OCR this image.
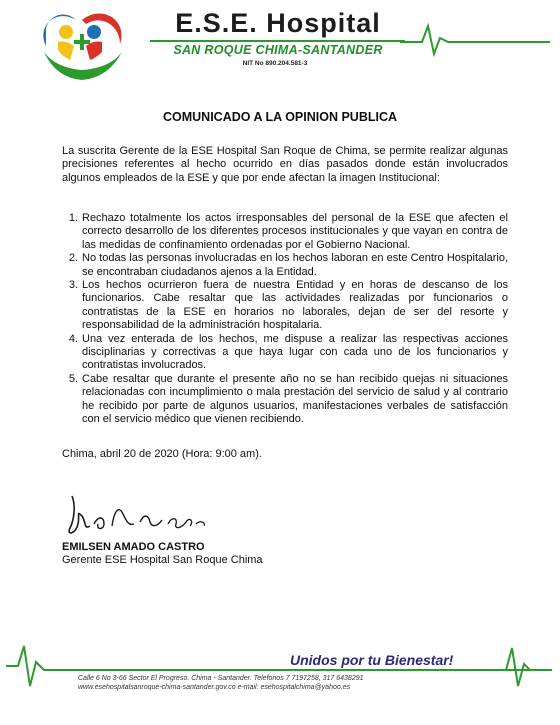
E.S.E. Hospital
SAN ROQUE CHIMA-SANTANDER
NIT No 890.204.581-3
COMUNICADO A LA OPINION PUBLICA
La suscrita Gerente de la ESE Hospital San Roque de Chima, se permite realizar algunas precisiones referentes al hecho ocurrido en días pasados donde están involucrados algunos empleados de la ESE y que por ende afectan la imagen Institucional:
1. Rechazo totalmente los actos irresponsables del personal de la ESE que afecten el correcto desarrollo de los diferentes procesos institucionales y que vayan en contra de las medidas de confinamiento ordenadas por el Gobierno Nacional.
2. No todas las personas involucradas en los hechos laboran en este Centro Hospitalario, se encontraban ciudadanos ajenos a la Entidad.
3. Los hechos ocurrieron fuera de nuestra Entidad y en horas de descanso de los funcionarios. Cabe resaltar que las actividades realizadas por funcionarios o contratistas de la ESE en horarios no laborales, dejan de ser del resorte y responsabilidad de la administración hospitalaria.
4. Una vez enterada de los hechos, me dispuse a realizar las respectivas acciones disciplinarias y correctivas a que haya lugar con cada uno de los funcionarios y contratistas involucrados.
5. Cabe resaltar que durante el presente año no se han recibido quejas ni situaciones relacionadas con incumplimiento o mala prestación del servicio de salud y al contrario he recibido por parte de algunos usuarios, manifestaciones verbales de satisfacción con el servicio médico que vienen recibiendo.
Chima, abril 20 de 2020 (Hora: 9:00 am).
EMILSEN AMADO CASTRO
Gerente ESE Hospital San Roque Chima
Unidos por tu Bienestar!
Calle 6 No 3-66 Sector El Progreso. Chima - Santander. Telefonos 7 7197258, 317 6438291
www.esehospitalsanroque-chima-santander.gov.co e-mail: esehospitalchima@yahoo.es
